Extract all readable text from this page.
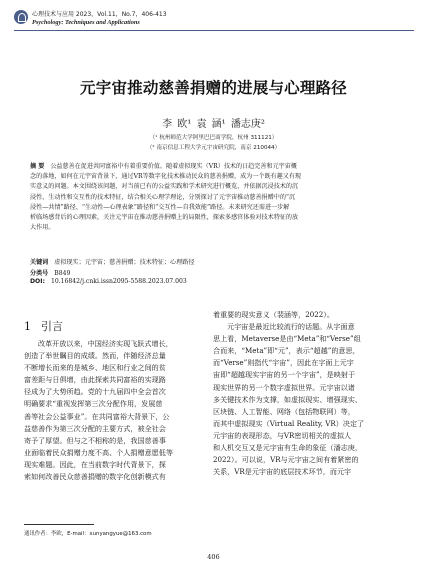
心理技术与应用 2023，Vol.11，No.7，406-413
Psychology: Techniques and Applications
元宇宙推动慈善捐赠的进展与心理路径
李 欧¹ 袁 涵¹ 潘志庚²
（¹ 杭州师范大学阿里巴巴商学院，杭州 311121）
（² 南京信息工程大学元宇宙研究院，南京 210044）
摘 要 公益慈善在促进共同富裕中有着重要价值。随着虚拟现实（VR）技术的日趋完善和元宇宙概
念的落地，如何在元宇宙背景下，通过VR等数字化技术推动民众的慈善捐赠，成为一个既有趣又有现
实意义的问题。本文围绕该问题，对当前已有的公益实践和学术研究进行概览，并依据沉浸技术的沉
浸性、生动性和交互性的技术特征，结合相关心理学理论，分别探讨了元宇宙推动慈善捐赠中的“沉
浸性—共情”路径、“生动性—心理表象”路径和“交互性—自我效能”路径。未来研究还需进一步解
析临场感背后的心理因素，关注元宇宙在推动慈善捐赠上的局限性，探索多感官体验对技术特征的放
大作用。
关键词 虚拟现实；元宇宙；慈善捐赠；技术特征；心理路径
分类号 B849
DOI: 10.16842/j.cnki.issn2095-5588.2023.07.003
1 引言
改革开放以来，中国经济实现飞跃式增长，
创造了举世瞩目的成绩。然而，伴随经济总量
不断增长而来的是城乡、地区和行业之间的贫
富差距与日俱增，由此探索共同富裕的实现路
径成为了大势所趋。党的十九届四中全会首次
明确要求“重视发挥第三次分配作用，发展慈
善等社会公益事业”。在共同富裕大背景下，公
益慈善作为第三次分配的主要方式，被全社会
寄予了厚望。但与之不相称的是，我国慈善事
业面临着民众捐赠力度不高、个人捐赠意愿低等
现实难题。因此，在当前数字时代背景下，探
索如何改善民众慈善捐赠的数字化创新模式有
着重要的现实意义（裴涵等，2022）。
元宇宙是最近比较流行的话题。从字面意
思上看，Metaverse是由“Meta”和“Verse”组
合而来，“Meta”即“元”，表示“超越”的意思，
而“Verse”则指代“宇宙”，因此在字面上元宇
宙即“超越现实宇宙的另一个宇宙”，是映射于
现实世界的另一个数字虚拟世界。元宇宙以诸
多关键技术作为支撑，如虚拟现实、增强现实、
区块链、人工智能、网络（包括物联网）等，
而其中虚拟现实（Virtual Reality, VR）决定了
元宇宙的表现形态，与VR密切相关的虚拟人
和人机交互又是元宇宙有生命的象征（潘志庚，
2022）。可以说，VR与元宇宙之间有着紧密的
关系，VR是元宇宙的底层技术环节，而元宇
通讯作者：李欧，E-mail：xunyangyue@163.com
406
